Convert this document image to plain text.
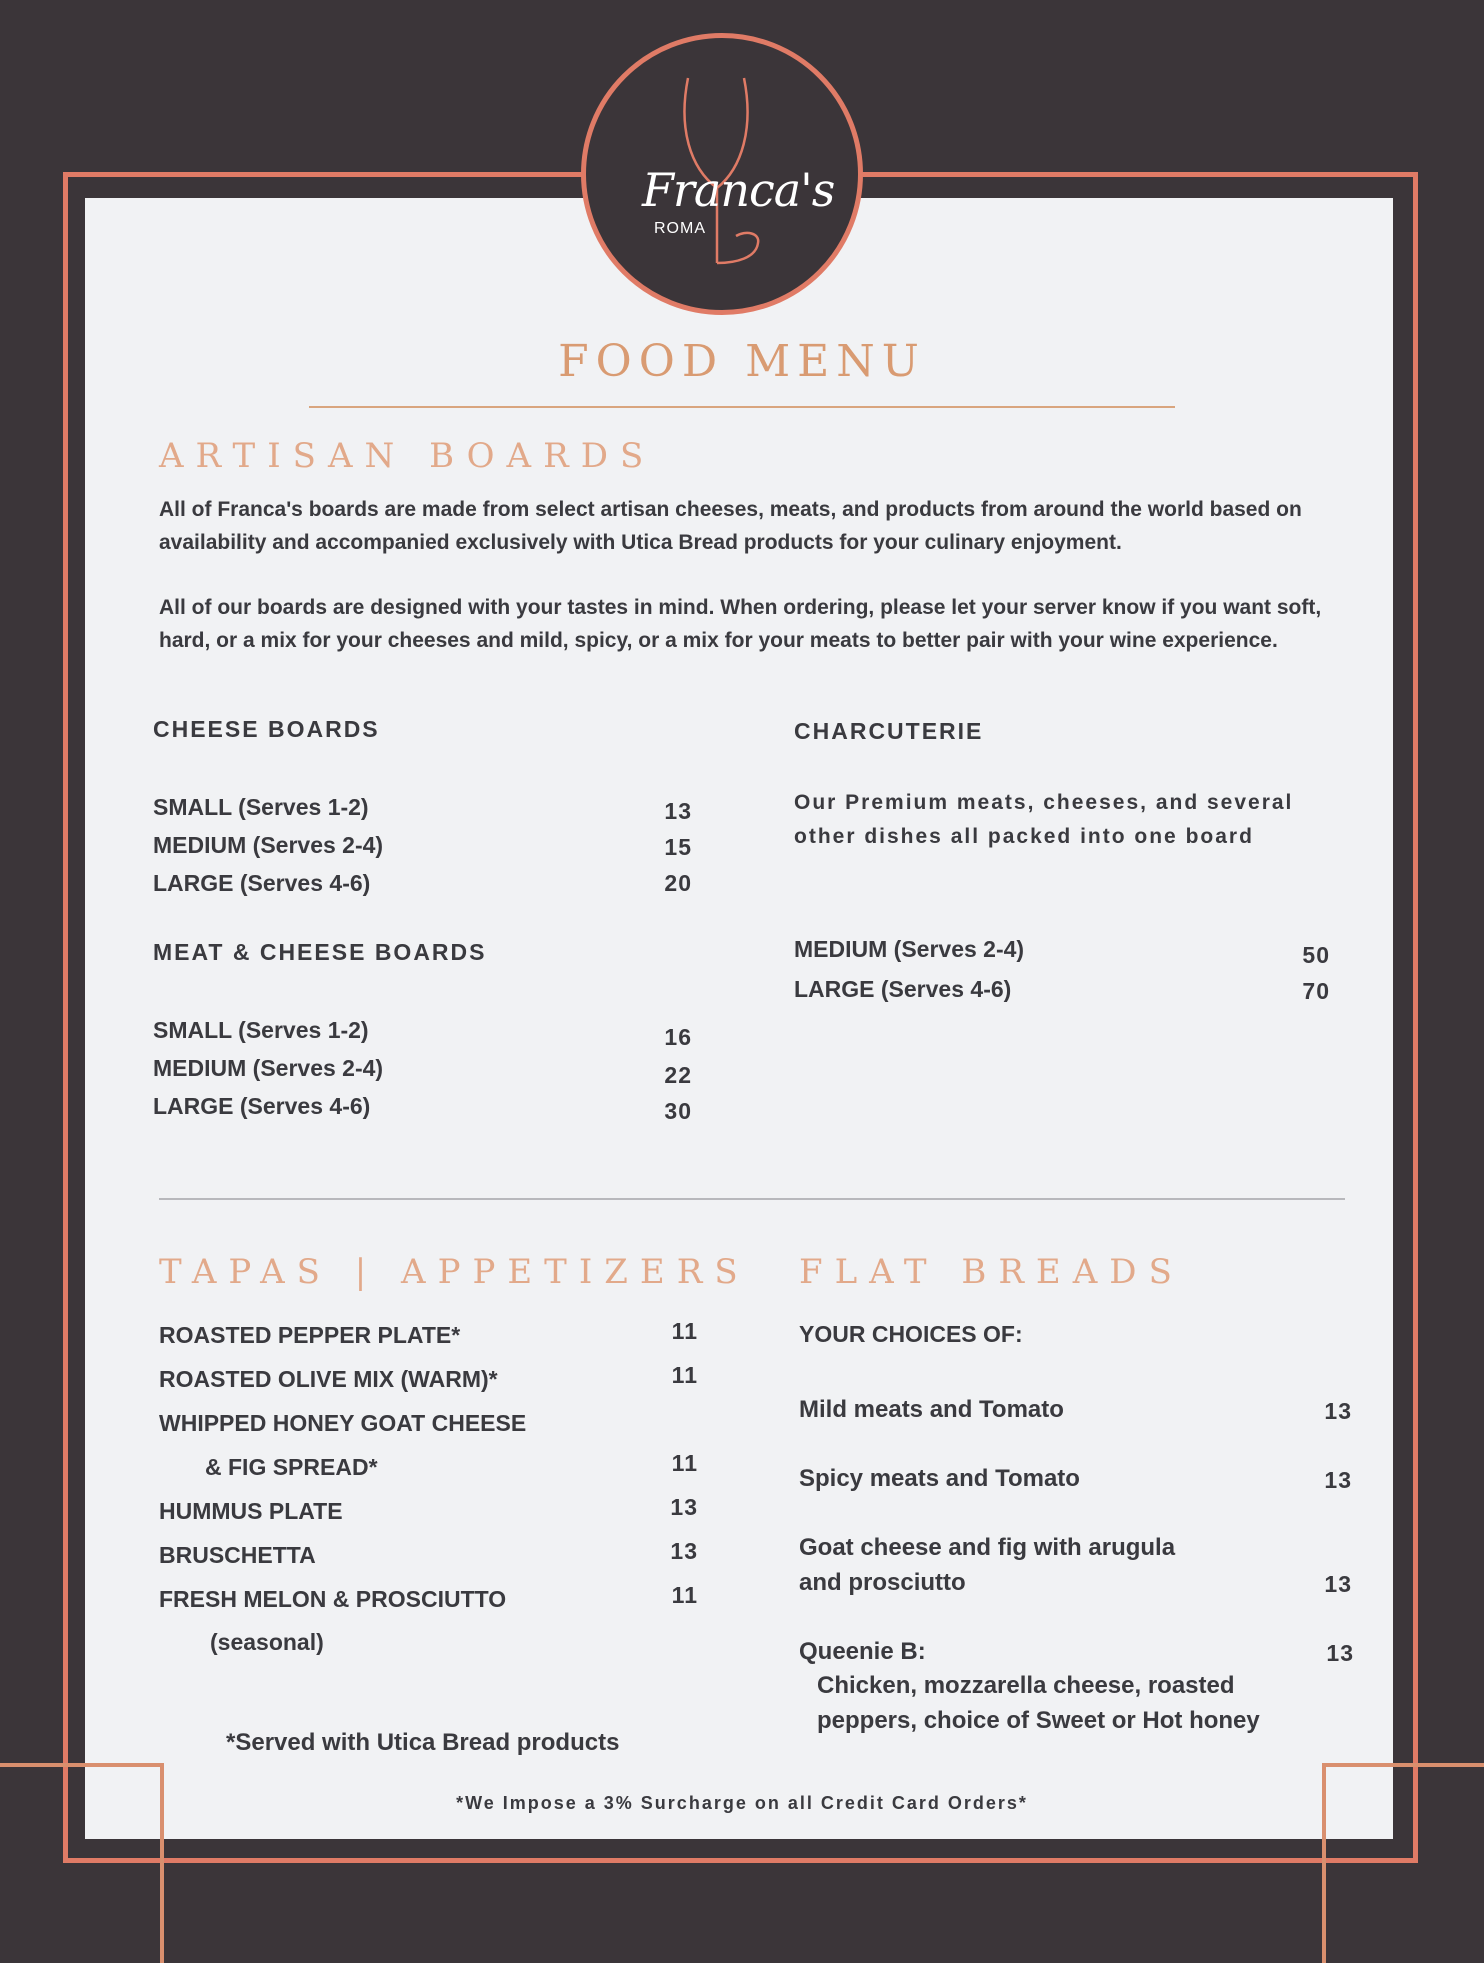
Franca's
ROMA
FOOD MENU
ARTISAN BOARDS
All of Franca's boards are made from select artisan cheeses, meats, and products from around the world based on availability and accompanied exclusively with Utica Bread products for your culinary enjoyment.
All of our boards are designed with your tastes in mind. When ordering, please let your server know if you want soft, hard, or a mix for your cheeses and mild, spicy, or a mix for your meats to better pair with your wine experience.
CHEESE BOARDS
SMALL (Serves 1-2)	13
MEDIUM (Serves 2-4)	15
LARGE (Serves 4-6)	20
MEAT & CHEESE BOARDS
SMALL (Serves 1-2)	16
MEDIUM (Serves 2-4)	22
LARGE (Serves 4-6)	30
CHARCUTERIE
Our Premium meats, cheeses, and several other dishes all packed into one board
MEDIUM (Serves 2-4)	50
LARGE (Serves 4-6)	70
TAPAS | APPETIZERS
ROASTED PEPPER PLATE*	11
ROASTED OLIVE MIX (WARM)*	11
WHIPPED HONEY GOAT CHEESE
& FIG SPREAD*	11
HUMMUS PLATE	13
BRUSCHETTA	13
FRESH MELON & PROSCIUTTO	11
(seasonal)
*Served with Utica Bread products
FLAT BREADS
YOUR CHOICES OF:
Mild meats and Tomato	13
Spicy meats and Tomato	13
Goat cheese and fig with arugula
and prosciutto	13
Queenie B:	13
Chicken, mozzarella cheese, roasted peppers, choice of Sweet or Hot honey
*We Impose a 3% Surcharge on all Credit Card Orders*
